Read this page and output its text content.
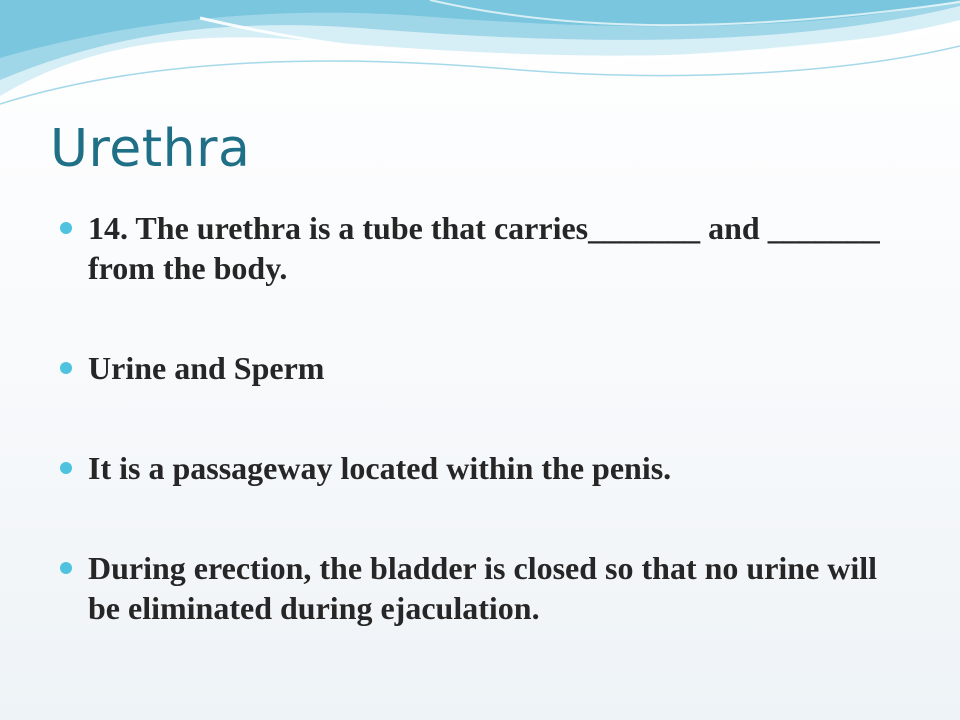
Urethra
14. The urethra is a tube that carries_______ and _______ from the body.
Urine and Sperm
It is a passageway located within the penis.
During erection, the bladder is closed so that no urine will be eliminated during ejaculation.
